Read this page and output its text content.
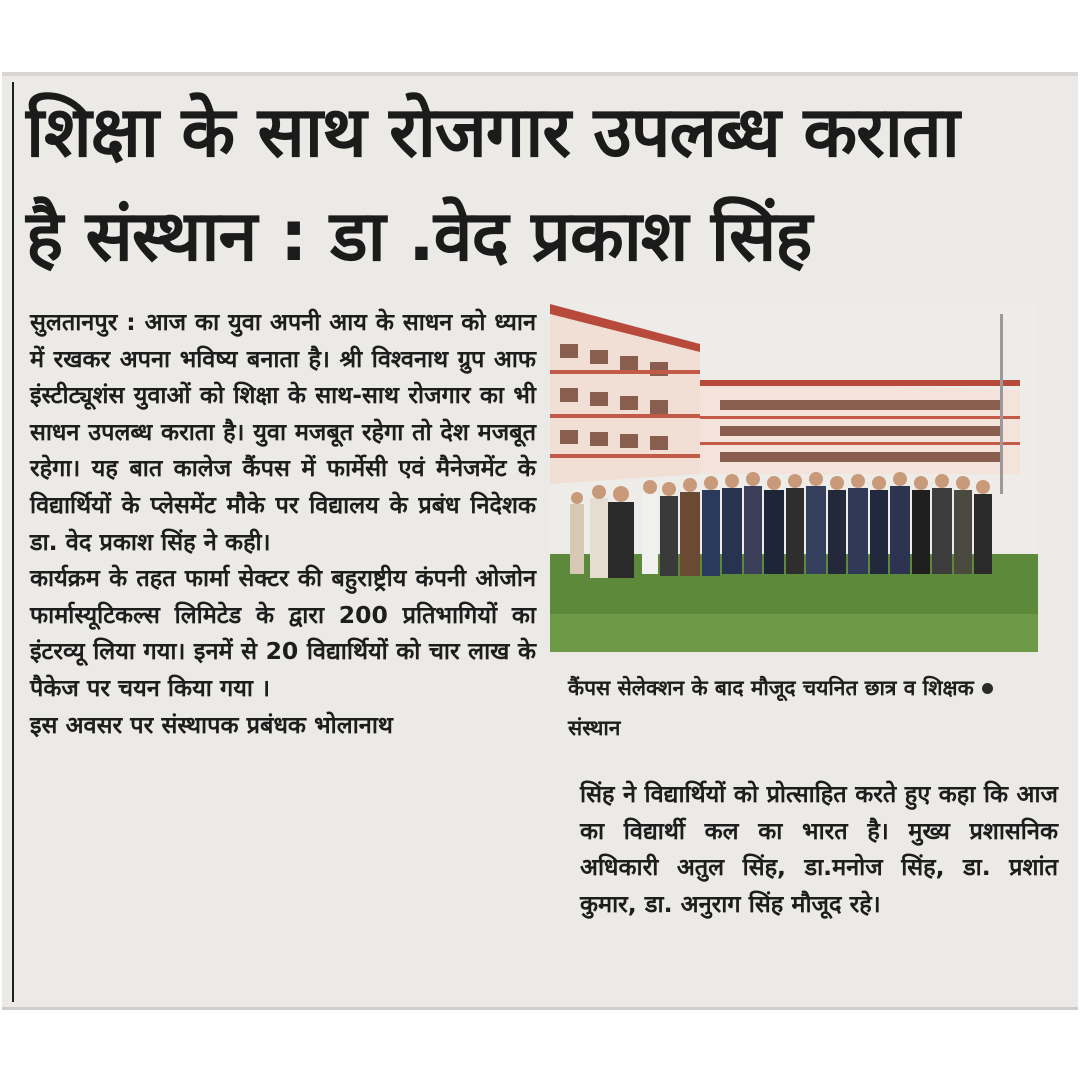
शिक्षा के साथ रोजगार उपलब्ध कराता
है संस्थान : डा .वेद प्रकाश सिंह

सुलतानपुर : आज का युवा अपनी आय के साधन को ध्यान में रखकर अपना भविष्य बनाता है। श्री विश्वनाथ ग्रुप आफ इंस्टीट्यूशंस युवाओं को शिक्षा के साथ-साथ रोजगार का भी साधन उपलब्ध कराता है। युवा मजबूत रहेगा तो देश मजबूत रहेगा। यह बात कालेज कैंपस में फार्मेसी एवं मैनेजमेंट के विद्यार्थियों के प्लेसमेंट मौके पर विद्यालय के प्रबंध निदेशक डा. वेद प्रकाश सिंह ने कही।

कार्यक्रम के तहत फार्मा सेक्टर की बहुराष्ट्रीय कंपनी ओजोन फार्मास्यूटिकल्स लिमिटेड के द्वारा 200 प्रतिभागियों का इंटरव्यू लिया गया। इनमें से 20 विद्यार्थियों को चार लाख के पैकेज पर चयन किया गया ।

इस अवसर पर संस्थापक प्रबंधक भोलानाथ

कैंपस सेलेक्शन के बाद मौजूद चयनित छात्र व शिक्षकसंस्थान

सिंह ने विद्यार्थियों को प्रोत्साहित करते हुए कहा कि आज का विद्यार्थी कल का भारत है। मुख्य प्रशासनिक अधिकारी अतुल सिंह, डा.मनोज सिंह, डा. प्रशांत कुमार, डा. अनुराग सिंह मौजूद रहे।
